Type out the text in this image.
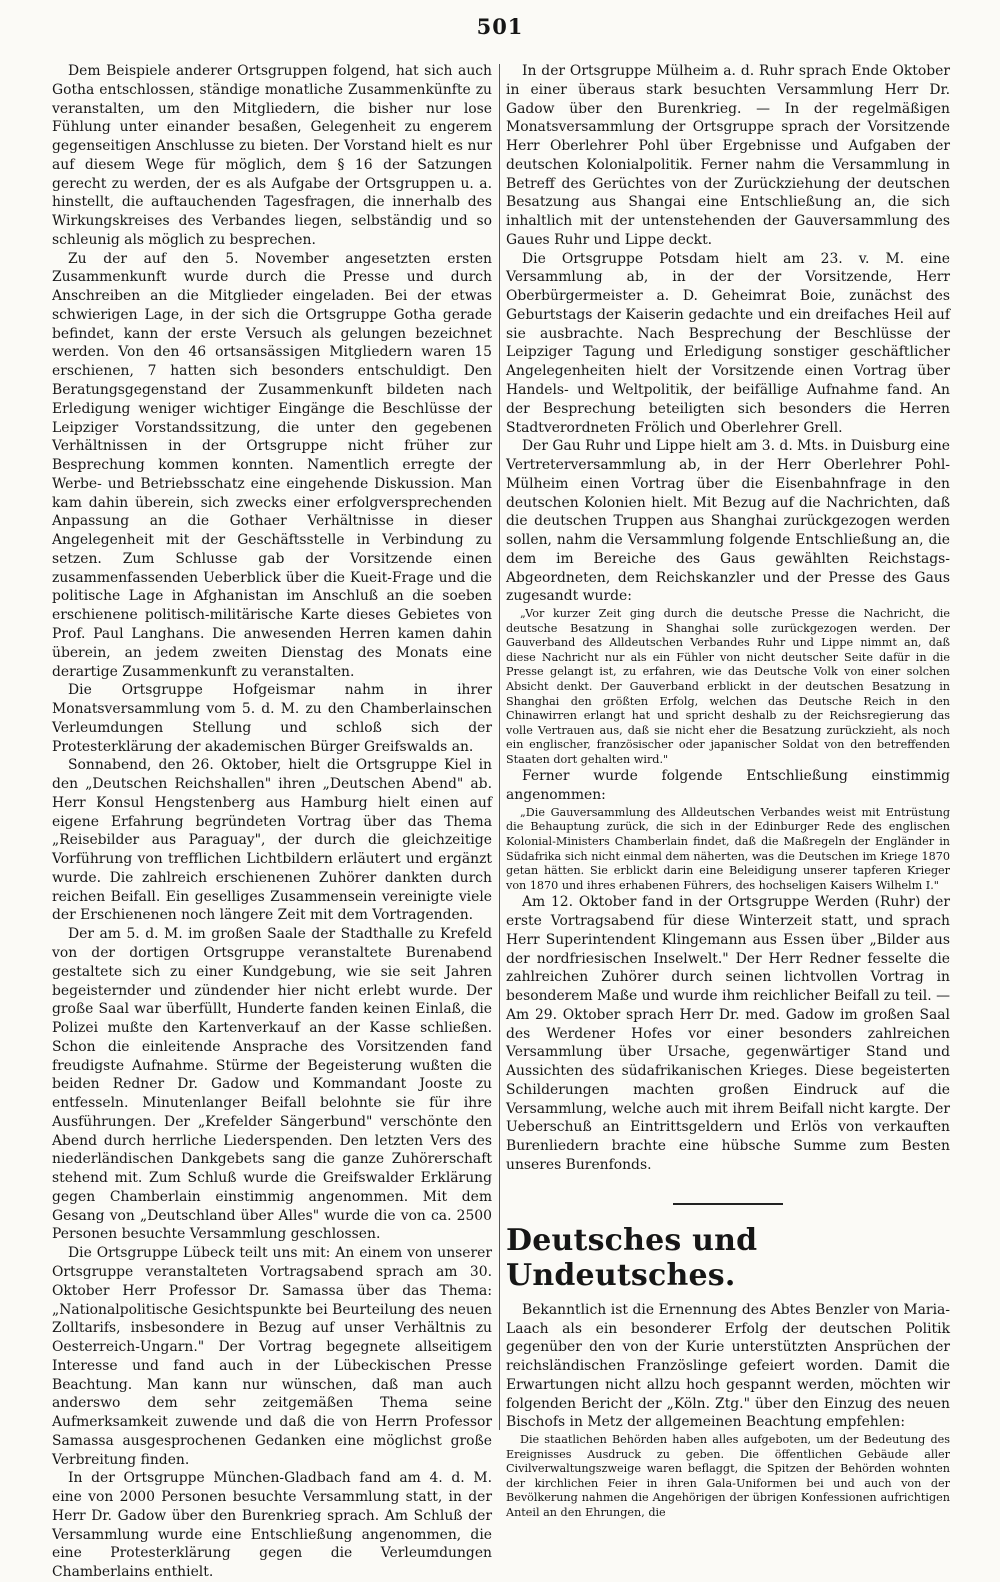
501

Dem Beispiele anderer Ortsgruppen folgend, hat sich auch Gotha entschlossen, ständige monatliche Zusammenkünfte zu veranstalten, um den Mitgliedern, die bisher nur lose Fühlung unter einander besaßen, Gelegenheit zu engerem gegenseitigen Anschlusse zu bieten. Der Vorstand hielt es nur auf diesem Wege für möglich, dem § 16 der Satzungen gerecht zu werden, der es als Aufgabe der Ortsgruppen u. a. hinstellt, die auftauchenden Tagesfragen, die innerhalb des Wirkungskreises des Verbandes liegen, selbständig und so schleunig als möglich zu besprechen.

Zu der auf den 5. November angesetzten ersten Zusammenkunft wurde durch die Presse und durch Anschreiben an die Mitglieder eingeladen. Bei der etwas schwierigen Lage, in der sich die Ortsgruppe Gotha gerade befindet, kann der erste Versuch als gelungen bezeichnet werden. Von den 46 ortsansässigen Mitgliedern waren 15 erschienen, 7 hatten sich besonders entschuldigt. Den Beratungsgegenstand der Zusammenkunft bildeten nach Erledigung weniger wichtiger Eingänge die Beschlüsse der Leipziger Vorstandssitzung, die unter den gegebenen Verhältnissen in der Ortsgruppe nicht früher zur Besprechung kommen konnten. Namentlich erregte der Werbe- und Betriebsschatz eine eingehende Diskussion. Man kam dahin überein, sich zwecks einer erfolgversprechenden Anpassung an die Gothaer Verhältnisse in dieser Angelegenheit mit der Geschäftsstelle in Verbindung zu setzen. Zum Schlusse gab der Vorsitzende einen zusammenfassenden Ueberblick über die Kueit-Frage und die politische Lage in Afghanistan im Anschluß an die soeben erschienene politisch-militärische Karte dieses Gebietes von Prof. Paul Langhans. Die anwesenden Herren kamen dahin überein, an jedem zweiten Dienstag des Monats eine derartige Zusammenkunft zu veranstalten.

Die Ortsgruppe Hofgeismar nahm in ihrer Monatsversammlung vom 5. d. M. zu den Chamberlainschen Verleumdungen Stellung und schloß sich der Protesterklärung der akademischen Bürger Greifswalds an.

Sonnabend, den 26. Oktober, hielt die Ortsgruppe Kiel in den „Deutschen Reichshallen" ihren „Deutschen Abend" ab. Herr Konsul Hengstenberg aus Hamburg hielt einen auf eigene Erfahrung begründeten Vortrag über das Thema „Reisebilder aus Paraguay", der durch die gleichzeitige Vorführung von trefflichen Lichtbildern erläutert und ergänzt wurde. Die zahlreich erschienenen Zuhörer dankten durch reichen Beifall. Ein geselliges Zusammensein vereinigte viele der Erschienenen noch längere Zeit mit dem Vortragenden.

Der am 5. d. M. im großen Saale der Stadthalle zu Krefeld von der dortigen Ortsgruppe veranstaltete Burenabend gestaltete sich zu einer Kundgebung, wie sie seit Jahren begeisternder und zündender hier nicht erlebt wurde. Der große Saal war überfüllt, Hunderte fanden keinen Einlaß, die Polizei mußte den Kartenverkauf an der Kasse schließen. Schon die einleitende Ansprache des Vorsitzenden fand freudigste Aufnahme. Stürme der Begeisterung wußten die beiden Redner Dr. Gadow und Kommandant Jooste zu entfesseln. Minutenlanger Beifall belohnte sie für ihre Ausführungen. Der „Krefelder Sängerbund" verschönte den Abend durch herrliche Liederspenden. Den letzten Vers des niederländischen Dankgebets sang die ganze Zuhörerschaft stehend mit. Zum Schluß wurde die Greifswalder Erklärung gegen Chamberlain einstimmig angenommen. Mit dem Gesang von „Deutschland über Alles" wurde die von ca. 2500 Personen besuchte Versammlung geschlossen.

Die Ortsgruppe Lübeck teilt uns mit: An einem von unserer Ortsgruppe veranstalteten Vortragsabend sprach am 30. Oktober Herr Professor Dr. Samassa über das Thema: „Nationalpolitische Gesichtspunkte bei Beurteilung des neuen Zolltarifs, insbesondere in Bezug auf unser Verhältnis zu Oesterreich-Ungarn." Der Vortrag begegnete allseitigem Interesse und fand auch in der Lübeckischen Presse Beachtung. Man kann nur wünschen, daß man auch anderswo dem sehr zeitgemäßen Thema seine Aufmerksamkeit zuwende und daß die von Herrn Professor Samassa ausgesprochenen Gedanken eine möglichst große Verbreitung finden.

In der Ortsgruppe München-Gladbach fand am 4. d. M. eine von 2000 Personen besuchte Versammlung statt, in der Herr Dr. Gadow über den Burenkrieg sprach. Am Schluß der Versammlung wurde eine Entschließung angenommen, die eine Protesterklärung gegen die Verleumdungen Chamberlains enthielt.

In der Ortsgruppe Mülheim a. d. Ruhr sprach Ende Oktober in einer überaus stark besuchten Versammlung Herr Dr. Gadow über den Burenkrieg. — In der regelmäßigen Monatsversammlung der Ortsgruppe sprach der Vorsitzende Herr Oberlehrer Pohl über Ergebnisse und Aufgaben der deutschen Kolonialpolitik. Ferner nahm die Versammlung in Betreff des Gerüchtes von der Zurückziehung der deutschen Besatzung aus Shangai eine Entschließung an, die sich inhaltlich mit der untenstehenden der Gauversammlung des Gaues Ruhr und Lippe deckt.

Die Ortsgruppe Potsdam hielt am 23. v. M. eine Versammlung ab, in der der Vorsitzende, Herr Oberbürgermeister a. D. Geheimrat Boie, zunächst des Geburtstags der Kaiserin gedachte und ein dreifaches Heil auf sie ausbrachte. Nach Besprechung der Beschlüsse der Leipziger Tagung und Erledigung sonstiger geschäftlicher Angelegenheiten hielt der Vorsitzende einen Vortrag über Handels- und Weltpolitik, der beifällige Aufnahme fand. An der Besprechung beteiligten sich besonders die Herren Stadtverordneten Frölich und Oberlehrer Grell.

Der Gau Ruhr und Lippe hielt am 3. d. Mts. in Duisburg eine Vertreterversammlung ab, in der Herr Oberlehrer Pohl-Mülheim einen Vortrag über die Eisenbahnfrage in den deutschen Kolonien hielt. Mit Bezug auf die Nachrichten, daß die deutschen Truppen aus Shanghai zurückgezogen werden sollen, nahm die Versammlung folgende Entschließung an, die dem im Bereiche des Gaus gewählten Reichstags-Abgeordneten, dem Reichskanzler und der Presse des Gaus zugesandt wurde:

„Vor kurzer Zeit ging durch die deutsche Presse die Nachricht, die deutsche Besatzung in Shanghai solle zurückgezogen werden. Der Gauverband des Alldeutschen Verbandes Ruhr und Lippe nimmt an, daß diese Nachricht nur als ein Fühler von nicht deutscher Seite dafür in die Presse gelangt ist, zu erfahren, wie das Deutsche Volk von einer solchen Absicht denkt. Der Gauverband erblickt in der deutschen Besatzung in Shanghai den größten Erfolg, welchen das Deutsche Reich in den Chinawirren erlangt hat und spricht deshalb zu der Reichsregierung das volle Vertrauen aus, daß sie nicht eher die Besatzung zurückzieht, als noch ein englischer, französischer oder japanischer Soldat von den betreffenden Staaten dort gehalten wird."

Ferner wurde folgende Entschließung einstimmig angenommen:

„Die Gauversammlung des Alldeutschen Verbandes weist mit Entrüstung die Behauptung zurück, die sich in der Edinburger Rede des englischen Kolonial-Ministers Chamberlain findet, daß die Maßregeln der Engländer in Südafrika sich nicht einmal dem näherten, was die Deutschen im Kriege 1870 getan hätten. Sie erblickt darin eine Beleidigung unserer tapferen Krieger von 1870 und ihres erhabenen Führers, des hochseligen Kaisers Wilhelm I."

Am 12. Oktober fand in der Ortsgruppe Werden (Ruhr) der erste Vortragsabend für diese Winterzeit statt, und sprach Herr Superintendent Klingemann aus Essen über „Bilder aus der nordfriesischen Inselwelt." Der Herr Redner fesselte die zahlreichen Zuhörer durch seinen lichtvollen Vortrag in besonderem Maße und wurde ihm reichlicher Beifall zu teil. — Am 29. Oktober sprach Herr Dr. med. Gadow im großen Saal des Werdener Hofes vor einer besonders zahlreichen Versammlung über Ursache, gegenwärtiger Stand und Aussichten des südafrikanischen Krieges. Diese begeisterten Schilderungen machten großen Eindruck auf die Versammlung, welche auch mit ihrem Beifall nicht kargte. Der Ueberschuß an Eintrittsgeldern und Erlös von verkauften Burenliedern brachte eine hübsche Summe zum Besten unseres Burenfonds.

Deutsches und Undeutsches.

Bekanntlich ist die Ernennung des Abtes Benzler von Maria-Laach als ein besonderer Erfolg der deutschen Politik gegenüber den von der Kurie unterstützten Ansprüchen der reichsländischen Französlinge gefeiert worden. Damit die Erwartungen nicht allzu hoch gespannt werden, möchten wir folgenden Bericht der „Köln. Ztg." über den Einzug des neuen Bischofs in Metz der allgemeinen Beachtung empfehlen:

Die staatlichen Behörden haben alles aufgeboten, um der Bedeutung des Ereignisses Ausdruck zu geben. Die öffentlichen Gebäude aller Civilverwaltungszweige waren beflaggt, die Spitzen der Behörden wohnten der kirchlichen Feier in ihren Gala-Uniformen bei und auch von der Bevölkerung nahmen die Angehörigen der übrigen Konfessionen aufrichtigen Anteil an den Ehrungen, die
